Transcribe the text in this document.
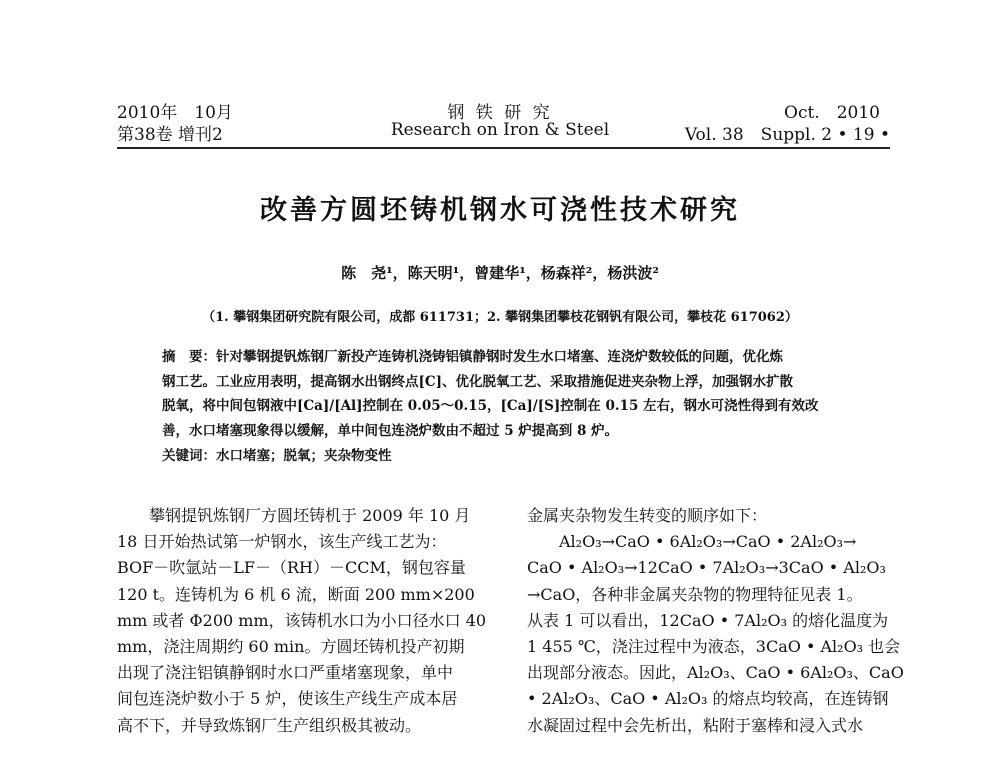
2010年　10月
第38卷 增刊2
钢 铁 研 究
Research on Iron & Steel
Oct.　2010
Vol. 38　Suppl. 2 • 19 •
改善方圆坯铸机钢水可浇性技术研究
陈　尧¹，陈天明¹，曾建华¹，杨森祥²，杨洪波²
（1. 攀钢集团研究院有限公司，成都 611731；2. 攀钢集团攀枝花钢钒有限公司，攀枝花 617062）

摘　要：针对攀钢提钒炼钢厂新投产连铸机浇铸铝镇静钢时发生水口堵塞、连浇炉数较低的问题，优化炼

钢工艺。工业应用表明，提高钢水出钢终点[C]、优化脱氧工艺、采取措施促进夹杂物上浮，加强钢水扩散

脱氧，将中间包钢液中[Ca]/[Al]控制在 0.05～0.15，[Ca]/[S]控制在 0.15 左右，钢水可浇性得到有效改

善，水口堵塞现象得以缓解，单中间包连浇炉数由不超过 5 炉提高到 8 炉。

关键词：水口堵塞；脱氧；夹杂物变性

　　攀钢提钒炼钢厂方圆坯铸机于 2009 年 10 月

18 日开始热试第一炉钢水，该生产线工艺为：

BOF－吹氩站－LF－（RH）－CCM，钢包容量

120 t。连铸机为 6 机 6 流，断面 200 mm×200

mm 或者 Φ200 mm，该铸机水口为小口径水口 40

mm，浇注周期约 60 min。方圆坯铸机投产初期

出现了浇注铝镇静钢时水口严重堵塞现象，单中

间包连浇炉数小于 5 炉，使该生产线生产成本居

高不下，并导致炼钢厂生产组织极其被动。

金属夹杂物发生转变的顺序如下：

　　Al₂O₃→CaO • 6Al₂O₃→CaO • 2Al₂O₃→

CaO • Al₂O₃→12CaO • 7Al₂O₃→3CaO • Al₂O₃

→CaO，各种非金属夹杂物的物理特征见表 1。

从表 1 可以看出，12CaO • 7Al₂O₃ 的熔化温度为

1 455 ℃，浇注过程中为液态，3CaO • Al₂O₃ 也会

出现部分液态。因此，Al₂O₃、CaO • 6Al₂O₃、CaO

• 2Al₂O₃、CaO • Al₂O₃ 的熔点均较高，在连铸钢

水凝固过程中会先析出，粘附于塞棒和浸入式水
